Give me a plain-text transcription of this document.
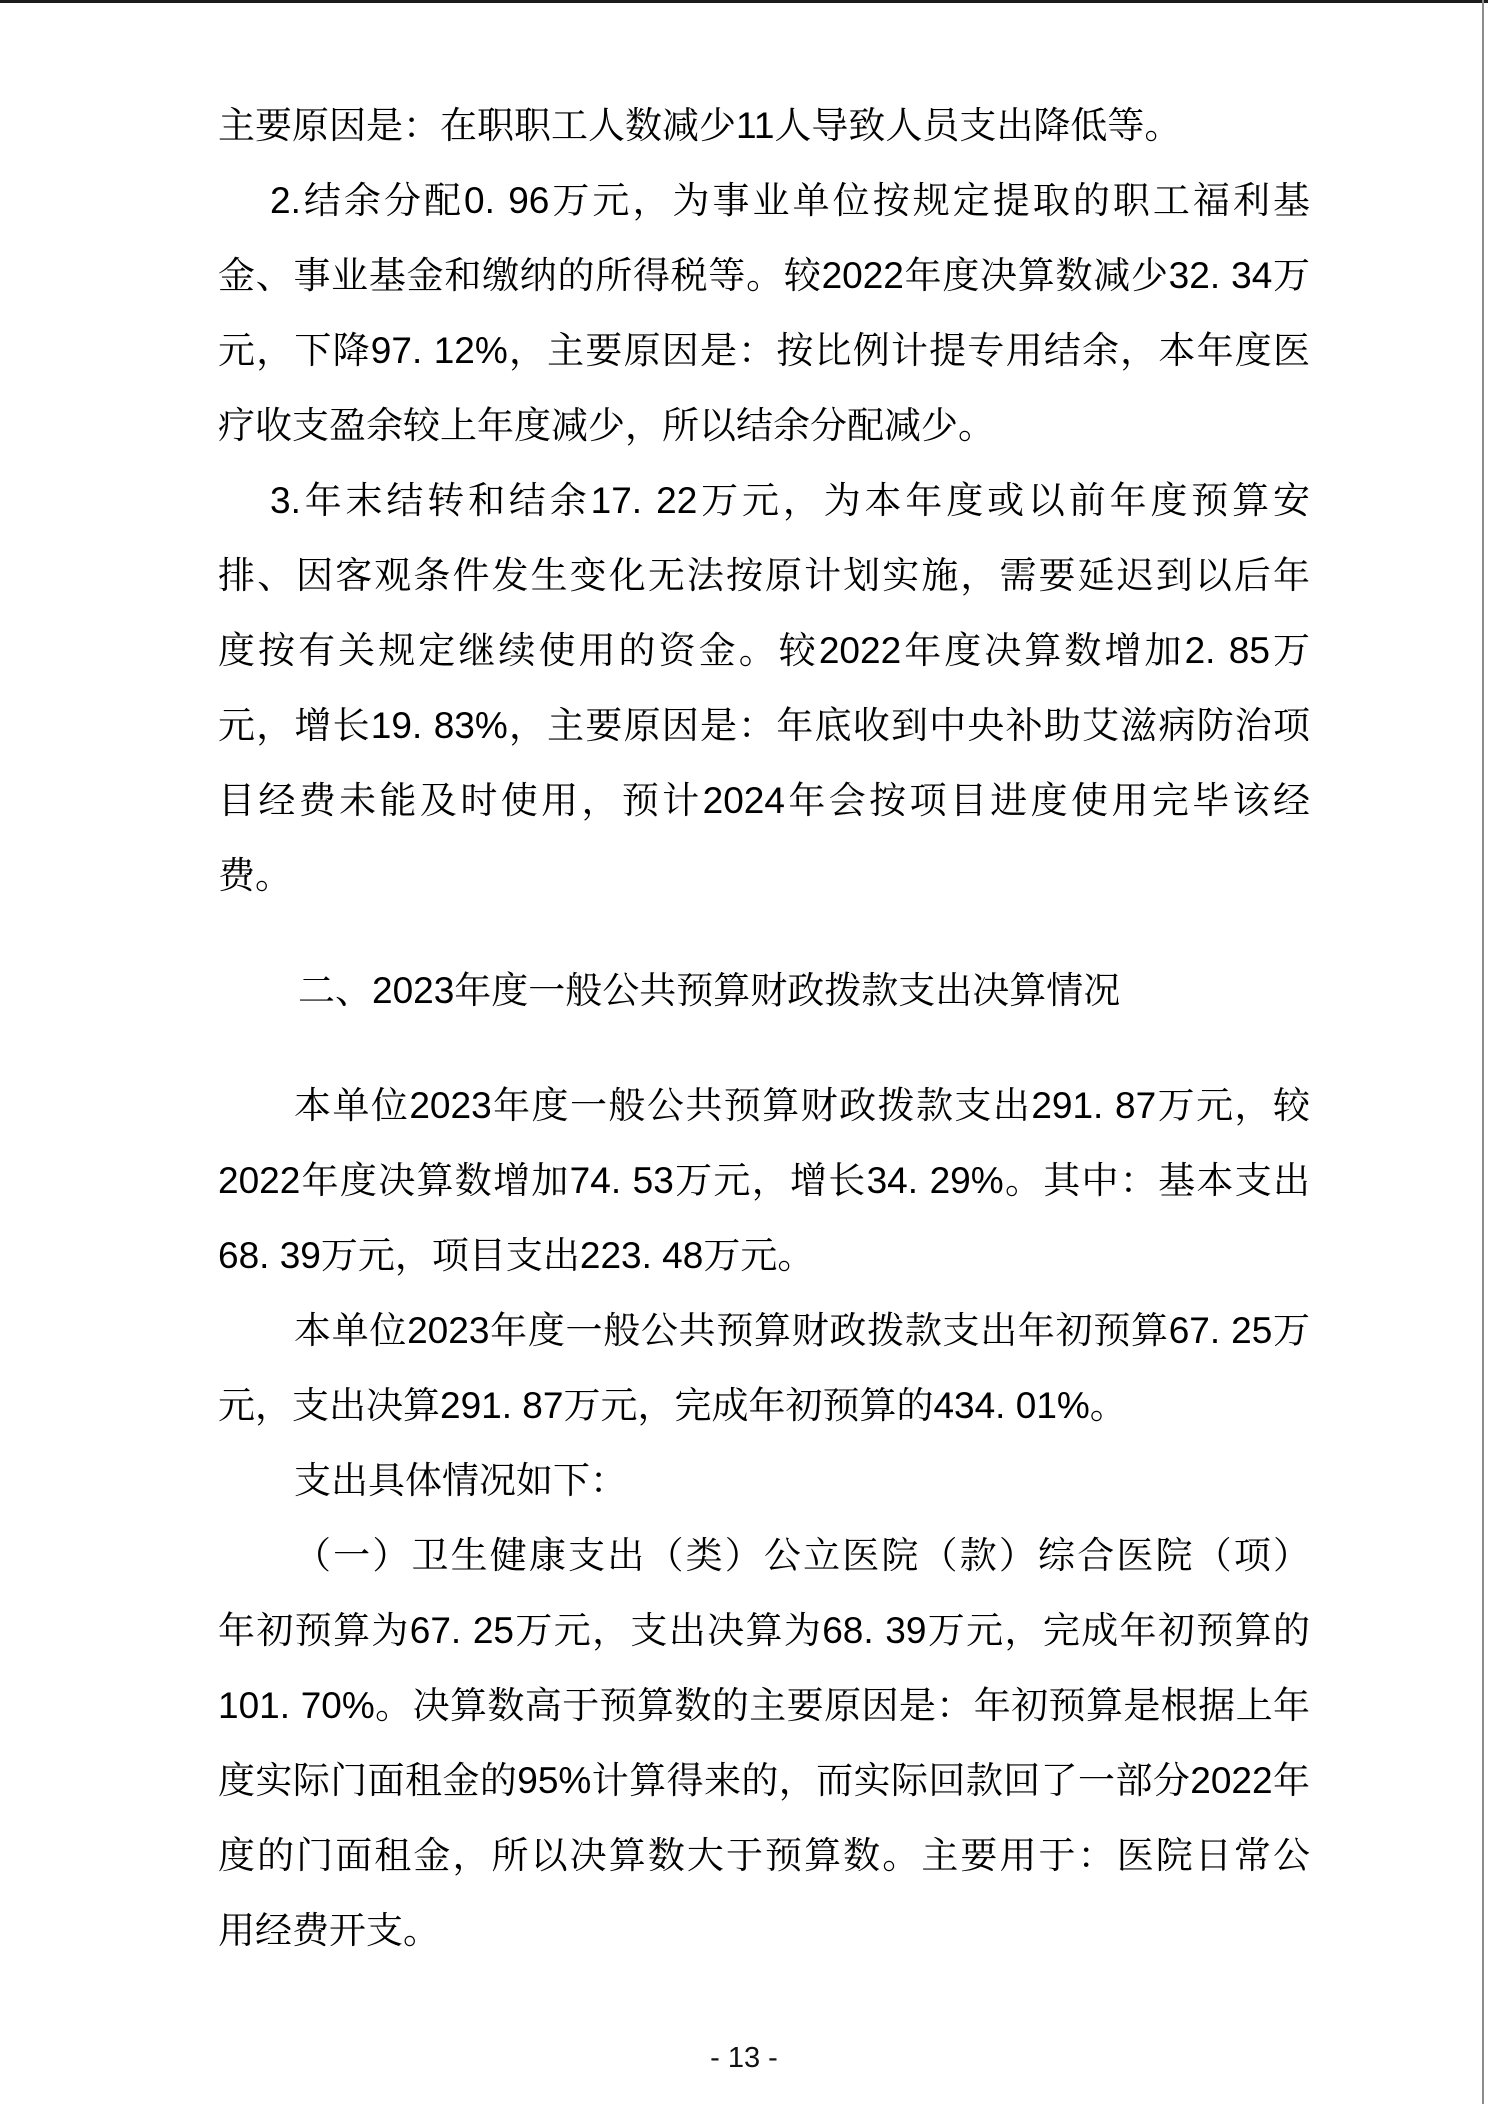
主要原因是：在职职工人数减少11人导致人员支出降低等。
2.结余分配0. 96万元，为事业单位按规定提取的职工福利基
金、事业基金和缴纳的所得税等。较2022年度决算数减少32. 34万
元，下降97. 12%，主要原因是：按比例计提专用结余，本年度医
疗收支盈余较上年度减少，所以结余分配减少。
3.年末结转和结余17. 22万元，为本年度或以前年度预算安
排、因客观条件发生变化无法按原计划实施，需要延迟到以后年
度按有关规定继续使用的资金。较2022年度决算数增加2. 85万
元，增长19. 83%，主要原因是：年底收到中央补助艾滋病防治项
目经费未能及时使用，预计2024年会按项目进度使用完毕该经
费。
二、2023年度一般公共预算财政拨款支出决算情况
本单位2023年度一般公共预算财政拨款支出291. 87万元，较
2022年度决算数增加74. 53万元，增长34. 29%。其中：基本支出
68. 39万元，项目支出223. 48万元。
本单位2023年度一般公共预算财政拨款支出年初预算67. 25万
元，支出决算291. 87万元，完成年初预算的434. 01%。
支出具体情况如下：
（一）卫生健康支出（类）公立医院（款）综合医院（项）
年初预算为67. 25万元，支出决算为68. 39万元，完成年初预算的
101. 70%。决算数高于预算数的主要原因是：年初预算是根据上年
度实际门面租金的95%计算得来的，而实际回款回了一部分2022年
度的门面租金，所以决算数大于预算数。主要用于：医院日常公
用经费开支。
- 13 -
